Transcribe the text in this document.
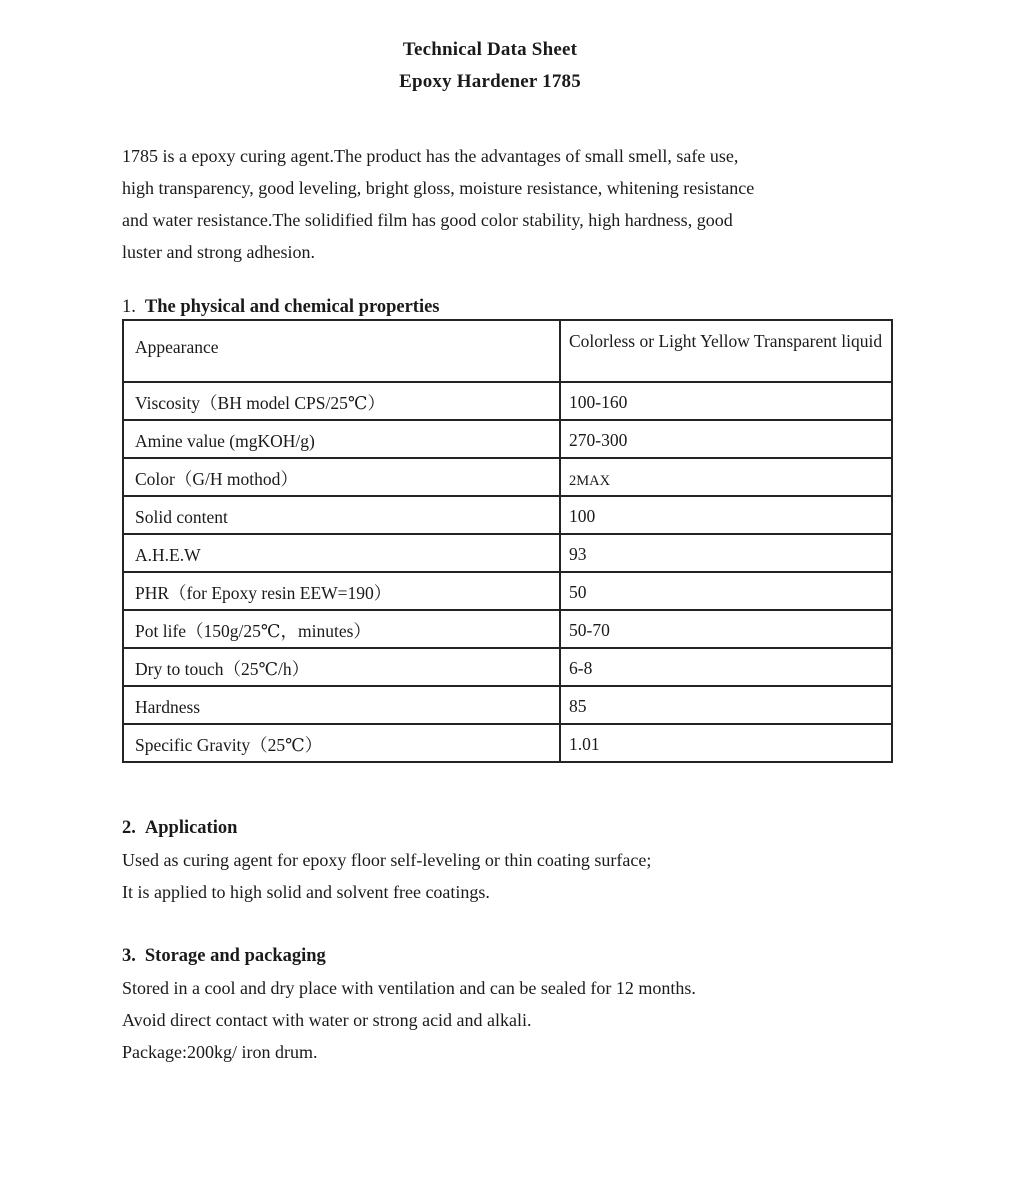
Technical Data Sheet
Epoxy Hardener 1785
1785 is a epoxy curing agent.The product has the advantages of small smell, safe use,
high transparency, good leveling, bright gloss, moisture resistance, whitening resistance
and water resistance.The solidified film has good color stability, high hardness, good
luster and strong adhesion.
1. The physical and chemical properties
Appearance	Colorless or Light Yellow Transparent liquid
Viscosity（BH model CPS/25℃）	100-160
Amine value (mgKOH/g)	270-300
Color（G/H mothod）	2MAX
Solid content	100
A.H.E.W	93
PHR（for Epoxy resin EEW=190）	50
Pot life（150g/25℃，minutes）	50-70
Dry to touch（25℃/h）	6-8
Hardness	85
Specific Gravity（25℃）	1.01
2. Application
Used as curing agent for epoxy floor self-leveling or thin coating surface;
It is applied to high solid and solvent free coatings.
3. Storage and packaging
Stored in a cool and dry place with ventilation and can be sealed for 12 months.
Avoid direct contact with water or strong acid and alkali.
Package:200kg/ iron drum.
